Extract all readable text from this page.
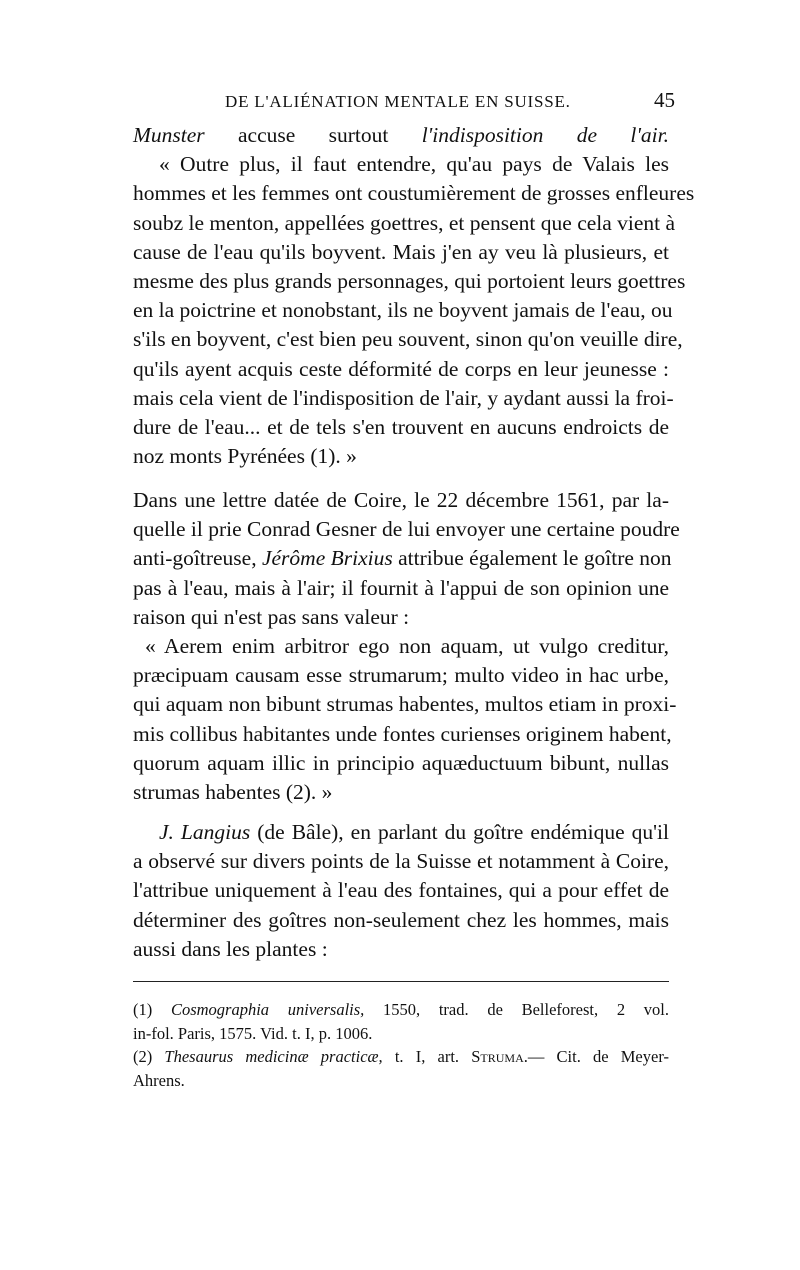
DE L'ALIÉNATION MENTALE EN SUISSE.	45
Munster accuse surtout l'indisposition de l'air.
« Outre plus, il faut entendre, qu'au pays de Valais les
hommes et les femmes ont coustumièrement de grosses enfleures
soubz le menton, appellées goettres, et pensent que cela vient à
cause de l'eau qu'ils boyvent. Mais j'en ay veu là plusieurs, et
mesme des plus grands personnages, qui portoient leurs goettres
en la poictrine et nonobstant, ils ne boyvent jamais de l'eau, ou
s'ils en boyvent, c'est bien peu souvent, sinon qu'on veuille dire,
qu'ils ayent acquis ceste déformité de corps en leur jeunesse :
mais cela vient de l'indisposition de l'air, y aydant aussi la froi-
dure de l'eau... et de tels s'en trouvent en aucuns endroicts de
noz monts Pyrénées (1). »
Dans une lettre datée de Coire, le 22 décembre 1561, par la-
quelle il prie Conrad Gesner de lui envoyer une certaine poudre
anti-goîtreuse, Jérôme Brixius attribue également le goître non
pas à l'eau, mais à l'air; il fournit à l'appui de son opinion une
raison qui n'est pas sans valeur :
« Aerem enim arbitror ego non aquam, ut vulgo creditur,
præcipuam causam esse strumarum; multo video in hac urbe,
qui aquam non bibunt strumas habentes, multos etiam in proxi-
mis collibus habitantes unde fontes curienses originem habent,
quorum aquam illic in principio aquæductuum bibunt, nullas
strumas habentes (2). »
J. Langius (de Bâle), en parlant du goître endémique qu'il
a observé sur divers points de la Suisse et notamment à Coire,
l'attribue uniquement à l'eau des fontaines, qui a pour effet de
déterminer des goîtres non-seulement chez les hommes, mais
aussi dans les plantes :
(1) Cosmographia universalis, 1550, trad. de Belleforest, 2 vol.
in-fol. Paris, 1575. Vid. t. I, p. 1006.
(2) Thesaurus medicinæ practicæ, t. I, art. Struma.— Cit. de Meyer-
Ahrens.
